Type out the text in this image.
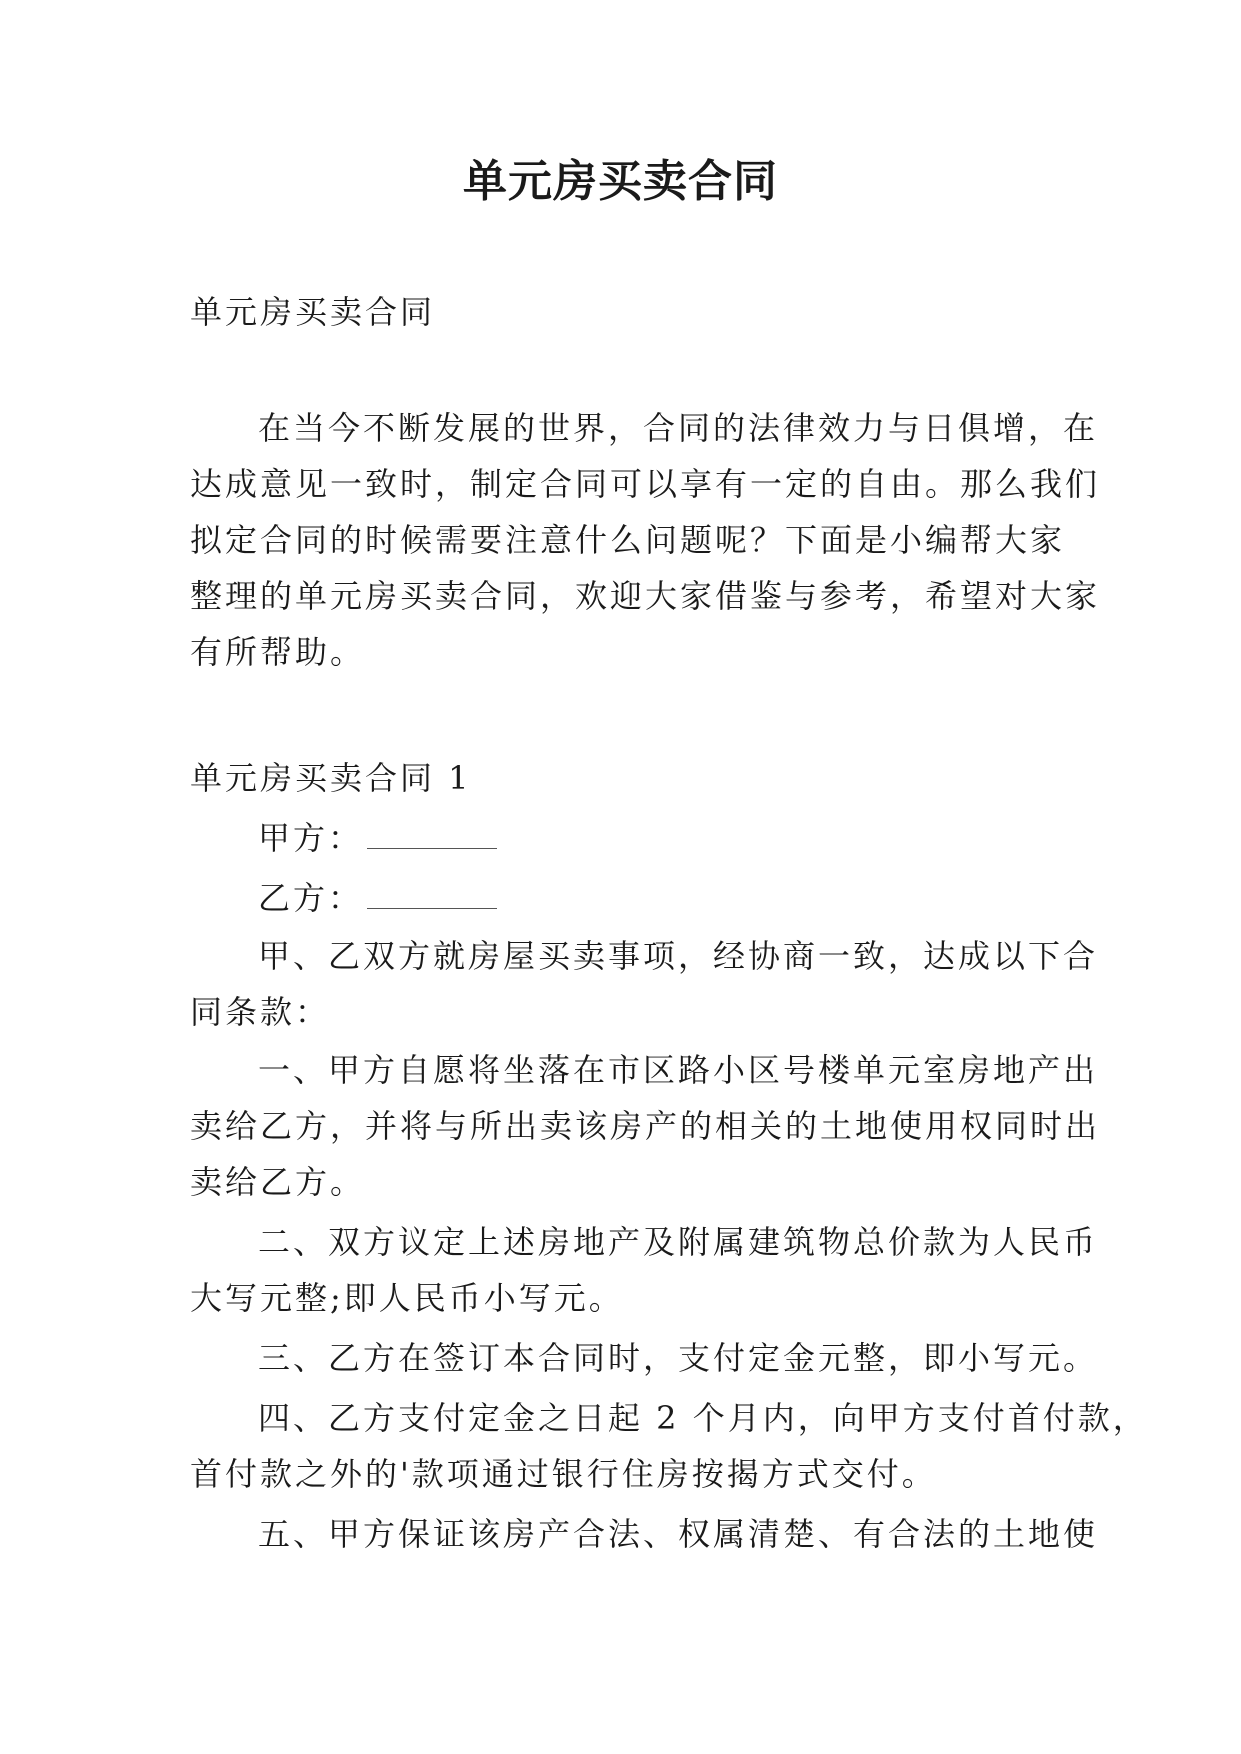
单元房买卖合同
单元房买卖合同
在当今不断发展的世界，合同的法律效力与日俱增，在
达成意见一致时，制定合同可以享有一定的自由。那么我们
拟定合同的时候需要注意什么问题呢？下面是小编帮大家
整理的单元房买卖合同，欢迎大家借鉴与参考，希望对大家
有所帮助。
单元房买卖合同 1
甲方：
乙方：
甲、乙双方就房屋买卖事项，经协商一致，达成以下合
同条款：
一、甲方自愿将坐落在市区路小区号楼单元室房地产出
卖给乙方，并将与所出卖该房产的相关的土地使用权同时出
卖给乙方。
二、双方议定上述房地产及附属建筑物总价款为人民币
大写元整;即人民币小写元。
三、乙方在签订本合同时，支付定金元整，即小写元。
四、乙方支付定金之日起 2 个月内，向甲方支付首付款，
首付款之外的'款项通过银行住房按揭方式交付。
五、甲方保证该房产合法、权属清楚、有合法的土地使
